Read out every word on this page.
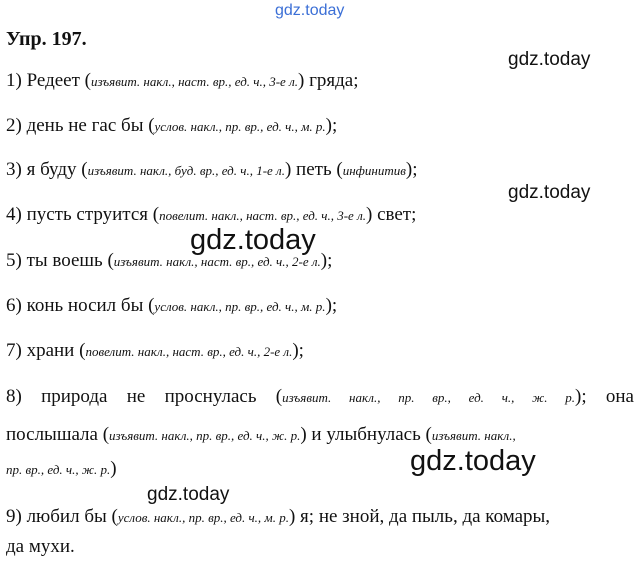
gdz.today
Упр. 197.
gdz.today
1) Редеет (изъявит. накл., наст. вр., ед. ч., 3-е л.) гряда;
2) день не гас бы (услов. накл., пр. вр., ед. ч., м. р.);
3) я буду (изъявит. накл., буд. вр., ед. ч., 1-е л.) петь (инфинитив);
gdz.today
4) пусть струится (повелит. накл., наст. вр., ед. ч., 3-е л.) свет;
gdz.today
5) ты воешь (изъявит. накл., наст. вр., ед. ч., 2-е л.);
6) конь носил бы (услов. накл., пр. вр., ед. ч., м. р.);
7) храни (повелит. накл., наст. вр., ед. ч., 2-е л.);
8) природа не проснулась (изъявит. накл., пр. вр., ед. ч., ж. р.); она
послышала (изъявит. накл., пр. вр., ед. ч., ж. р.) и улыбнулась (изъявит. накл.,
пр. вр., ед. ч., ж. р.)	gdz.today
gdz.today
9) любил бы (услов. накл., пр. вр., ед. ч., м. р.) я; не зной, да пыль, да комары,
да мухи.
